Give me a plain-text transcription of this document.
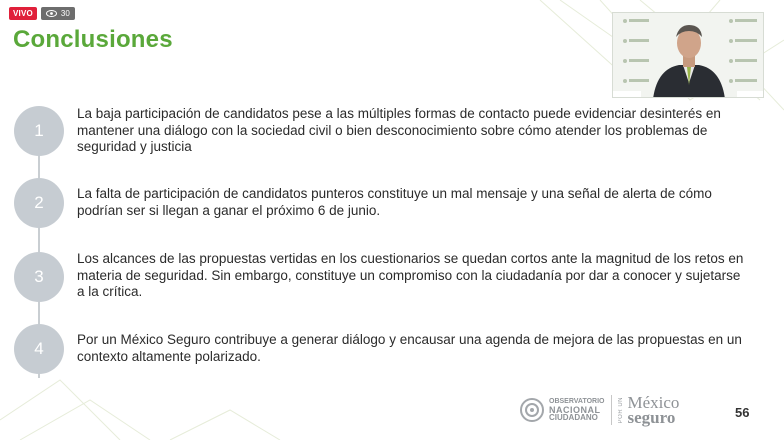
VIVO	30
Conclusiones
1
La baja participación de candidatos pese a las múltiples formas de contacto puede evidenciar desinterés en mantener una diálogo con la sociedad civil o bien desconocimiento sobre cómo atender los problemas de seguridad y justicia
2	La falta de participación de candidatos punteros constituye un mal mensaje y una señal de alerta de cómo podrían ser si llegan a ganar el próximo 6 de junio.
3
Los alcances de las propuestas vertidas en los cuestionarios se quedan cortos ante la magnitud de los retos en materia de seguridad. Sin embargo, constituye un compromiso con la ciudadanía por dar a conocer y sujetarse a la crítica.
4	Por un México Seguro contribuye a generar diálogo y encausar una agenda de mejora de las propuestas en un contexto altamente polarizado.
OBSERVATORIO
NACIONAL
CIUDADANO	POR UN México
seguro	56
